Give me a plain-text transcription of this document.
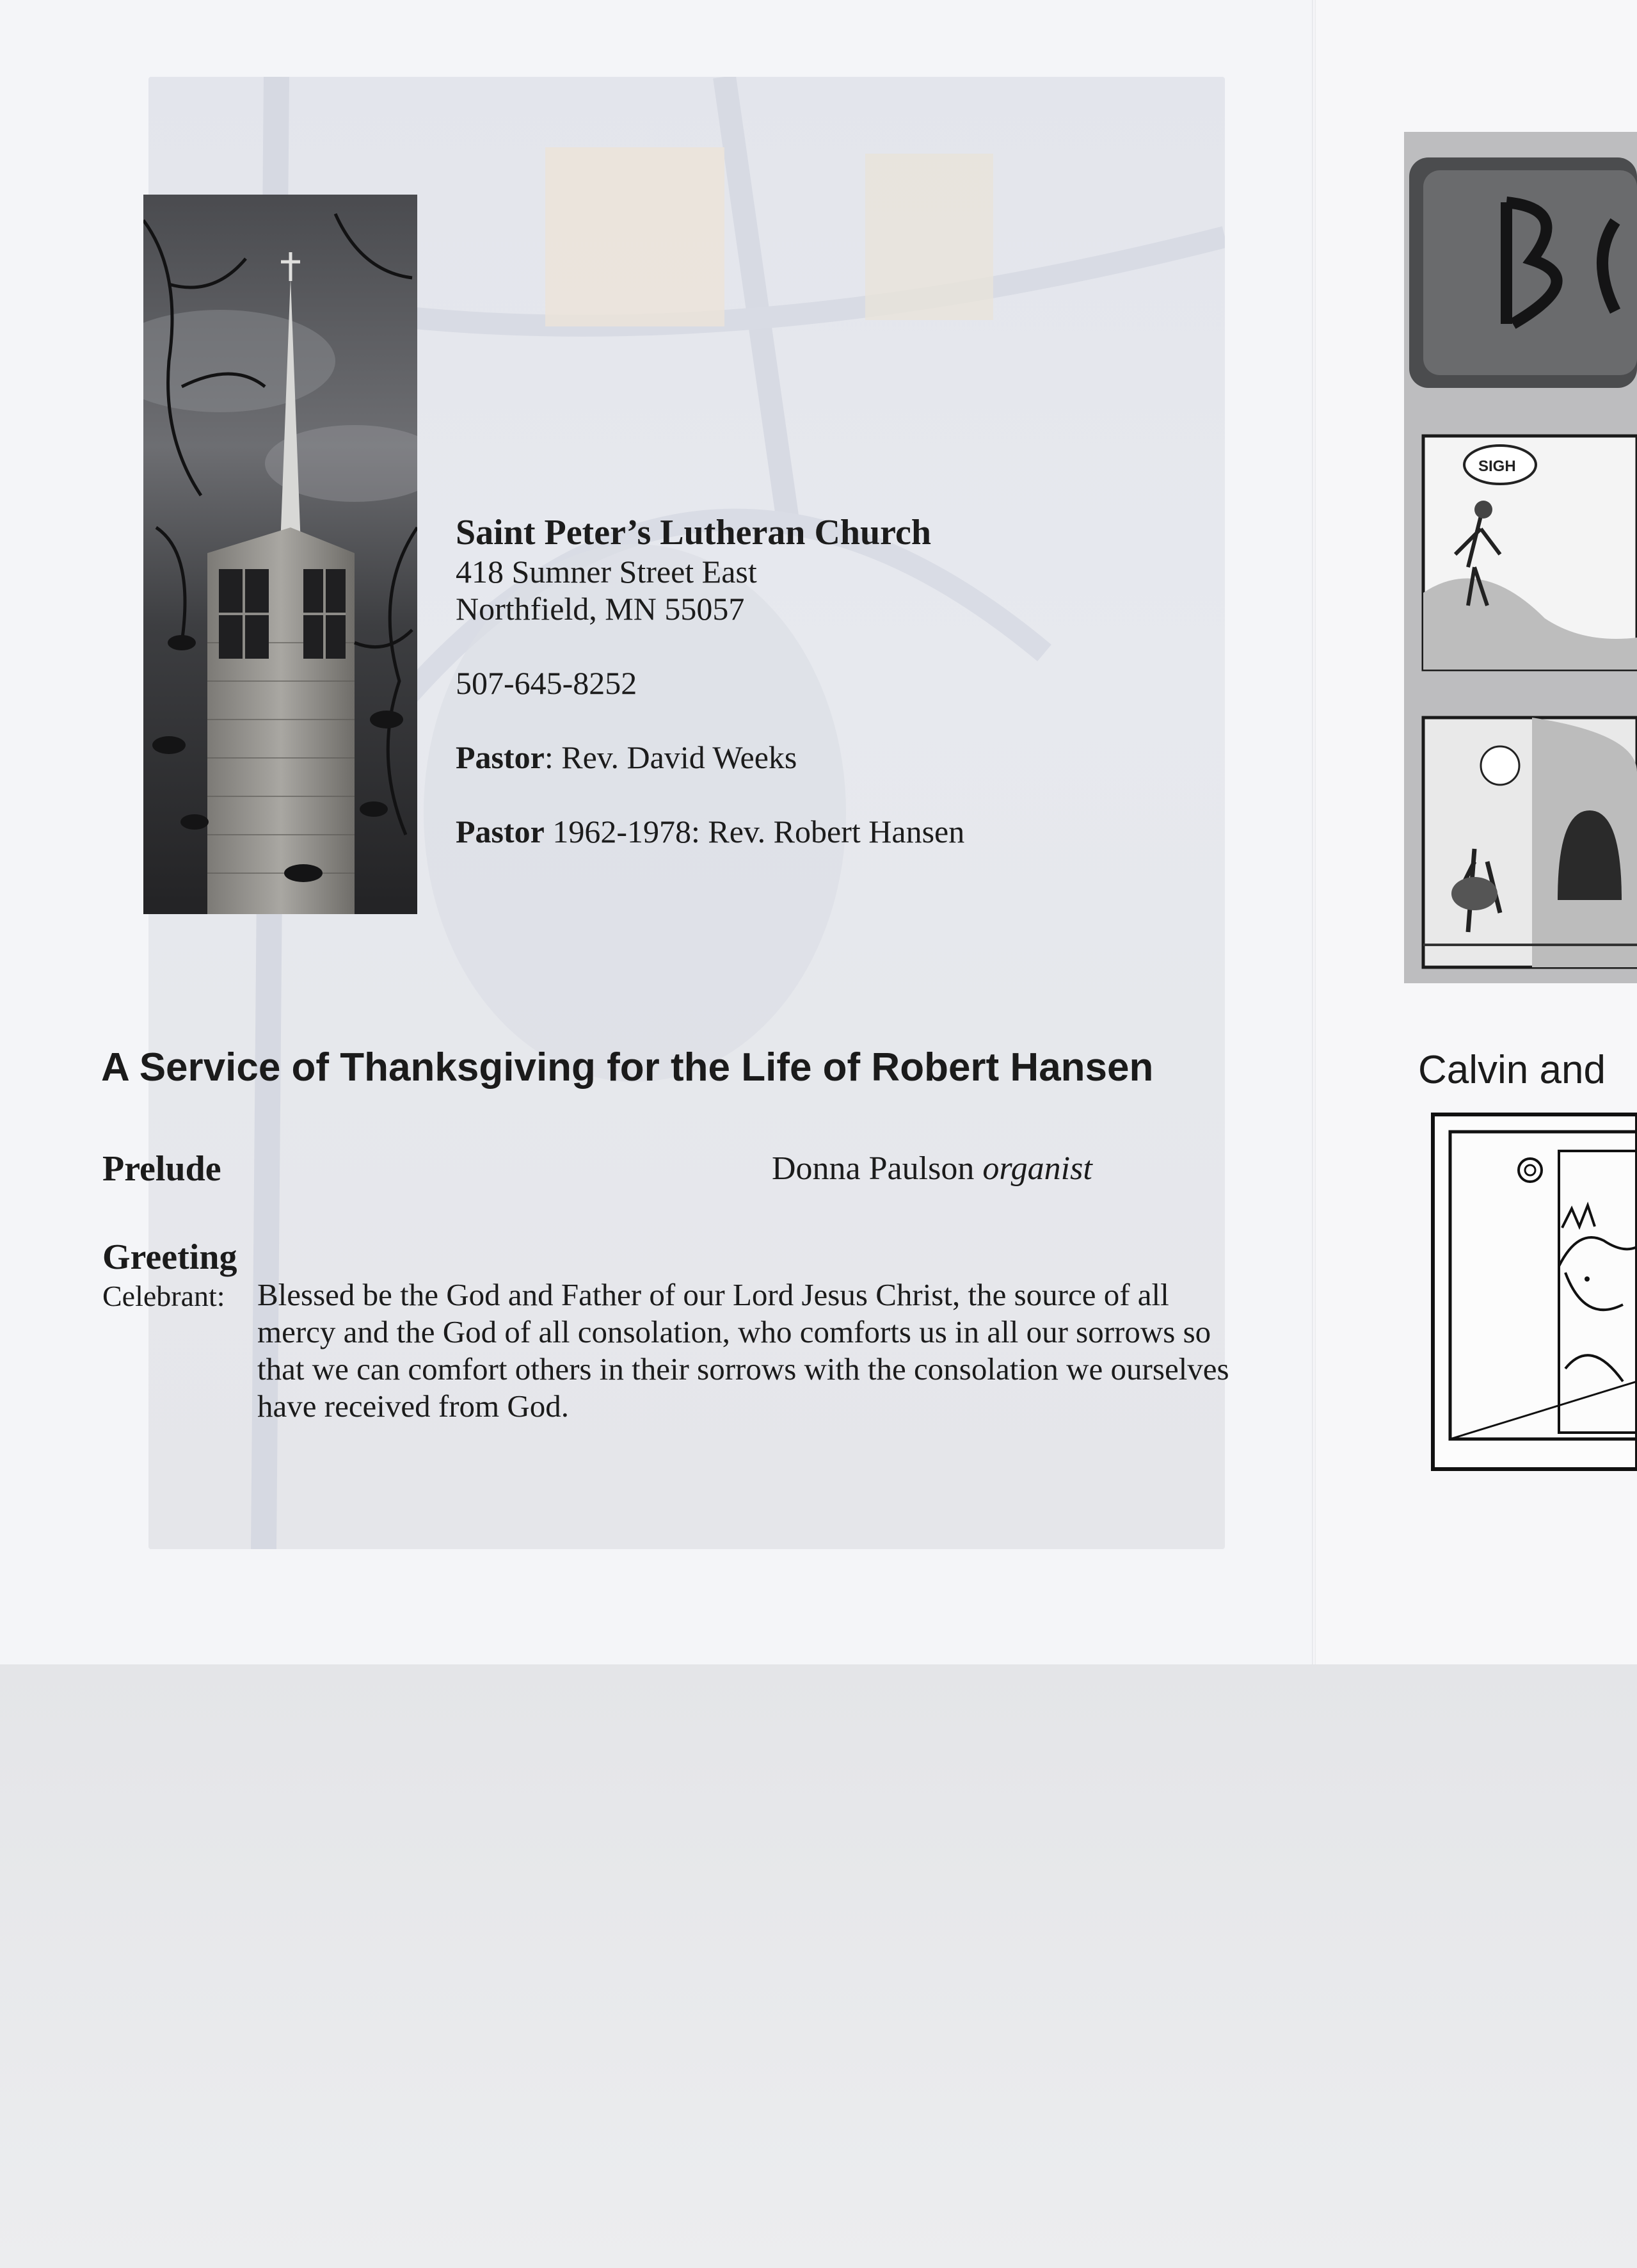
Saint Peter’s Lutheran Church
418 Sumner Street East
Northfield, MN 55057
507-645-8252
Pastor: Rev. David Weeks
Pastor 1962-1978: Rev. Robert Hansen
A Service of Thanksgiving for the Life of Robert Hansen
Prelude	Donna Paulson organist
Greeting
Celebrant: Blessed be the God and Father of our Lord Jesus Christ, the source of all
mercy and the God of all consolation, who comforts us in all our sorrows so
that we can comfort others in their sorrows with the consolation we ourselves
have received from God.
SIGH
Calvin and
